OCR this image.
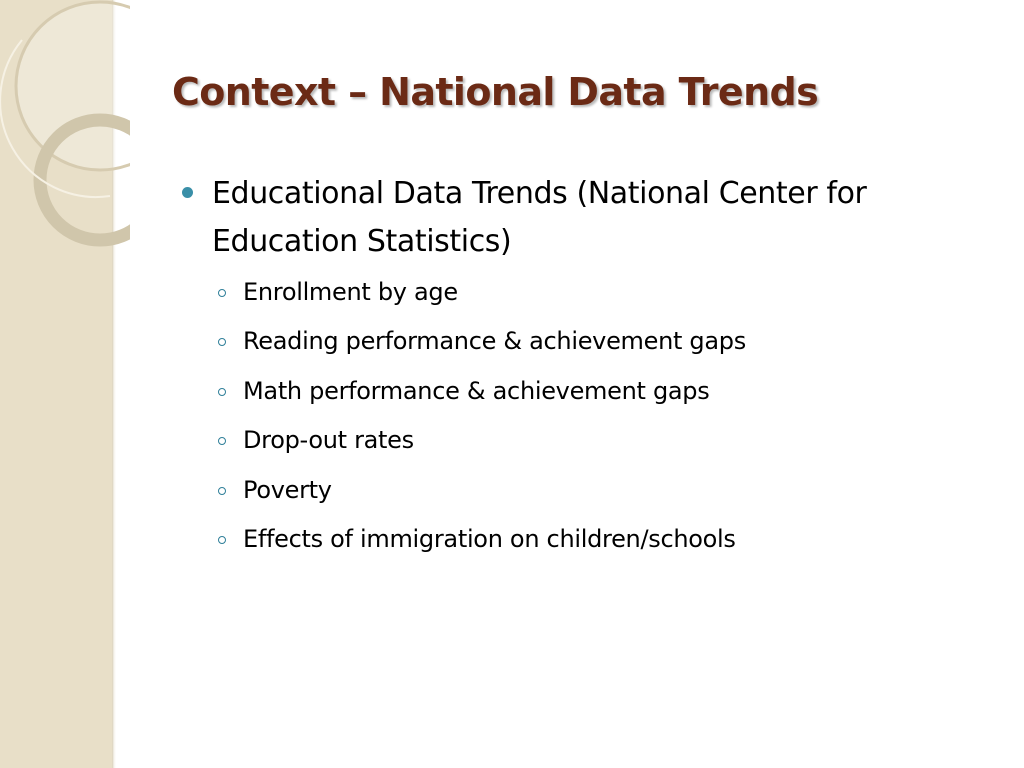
Context – National Data Trends
Educational Data Trends (National Center for Education Statistics)
Enrollment by age
Reading performance & achievement gaps
Math performance & achievement gaps
Drop-out rates
Poverty
Effects of immigration on children/schools
